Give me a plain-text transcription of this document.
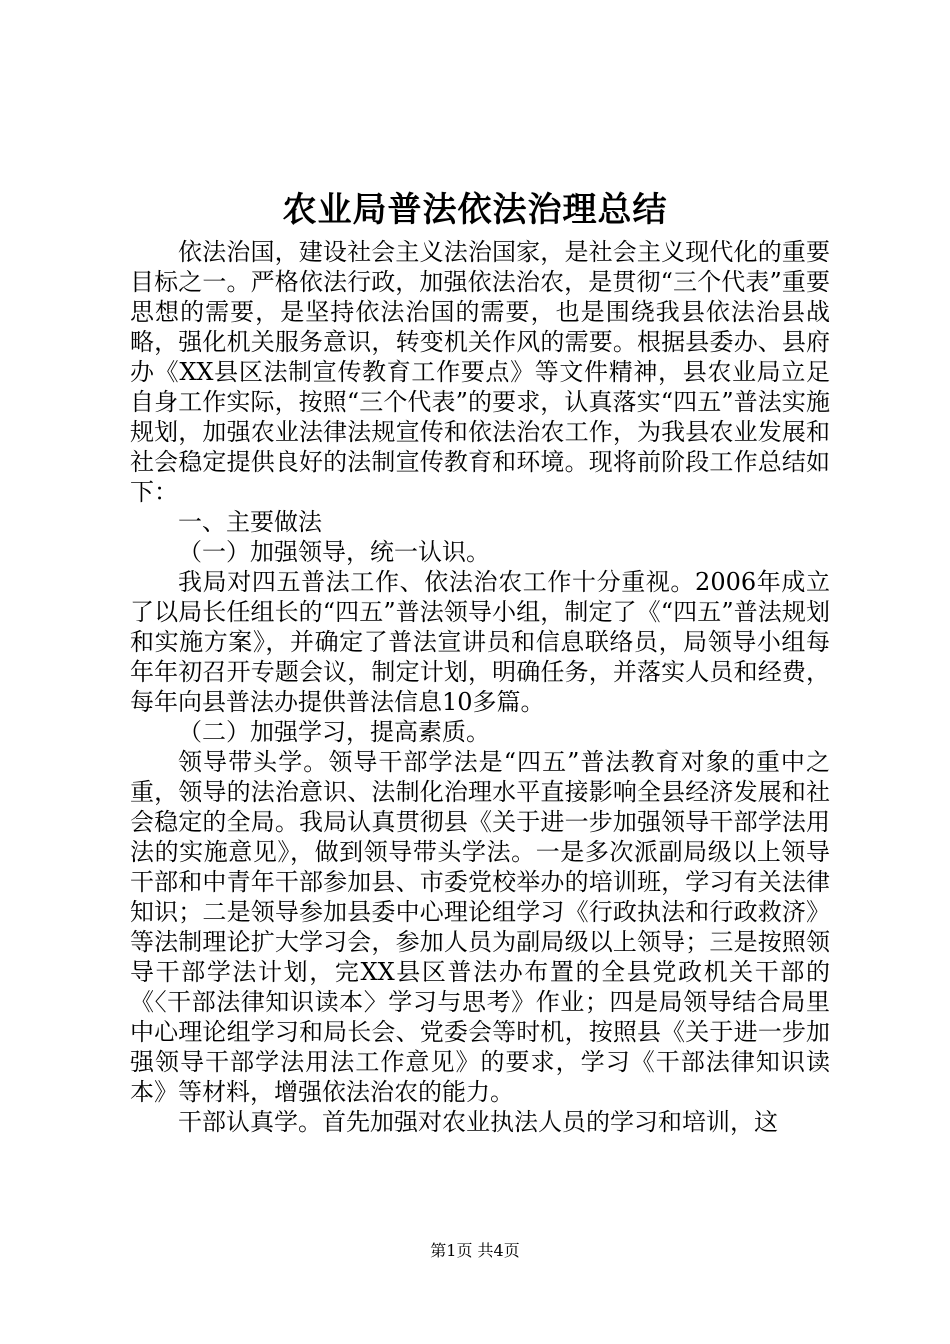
农业局普法依法治理总结

依法治国，建设社会主义法治国家，是社会主义现代化的重要目标之一。严格依法行政，加强依法治农，是贯彻“三个代表”重要思想的需要，是坚持依法治国的需要，也是围绕我县依法治县战略，强化机关服务意识，转变机关作风的需要。根据县委办、县府办《XX县区法制宣传教育工作要点》等文件精神，县农业局立足自身工作实际，按照“三个代表”的要求，认真落实“四五”普法实施规划，加强农业法律法规宣传和依法治农工作，为我县农业发展和社会稳定提供良好的法制宣传教育和环境。现将前阶段工作总结如下：

一、主要做法

（一）加强领导，统一认识。

我局对四五普法工作、依法治农工作十分重视。2006年成立了以局长任组长的“四五”普法领导小组，制定了《“四五”普法规划和实施方案》，并确定了普法宣讲员和信息联络员，局领导小组每年年初召开专题会议，制定计划，明确任务，并落实人员和经费，每年向县普法办提供普法信息10多篇。

（二）加强学习，提高素质。

领导带头学。领导干部学法是“四五”普法教育对象的重中之重，领导的法治意识、法制化治理水平直接影响全县经济发展和社会稳定的全局。我局认真贯彻县《关于进一步加强领导干部学法用法的实施意见》，做到领导带头学法。一是多次派副局级以上领导干部和中青年干部参加县、市委党校举办的培训班，学习有关法律知识；二是领导参加县委中心理论组学习《行政执法和行政救济》等法制理论扩大学习会，参加人员为副局级以上领导；三是按照领导干部学法计划，完XX县区普法办布置的全县党政机关干部的《〈干部法律知识读本〉学习与思考》作业；四是局领导结合局里中心理论组学习和局长会、党委会等时机，按照县《关于进一步加强领导干部学法用法工作意见》的要求，学习《干部法律知识读本》等材料，增强依法治农的能力。

干部认真学。首先加强对农业执法人员的学习和培训，这

第1页 共4页
